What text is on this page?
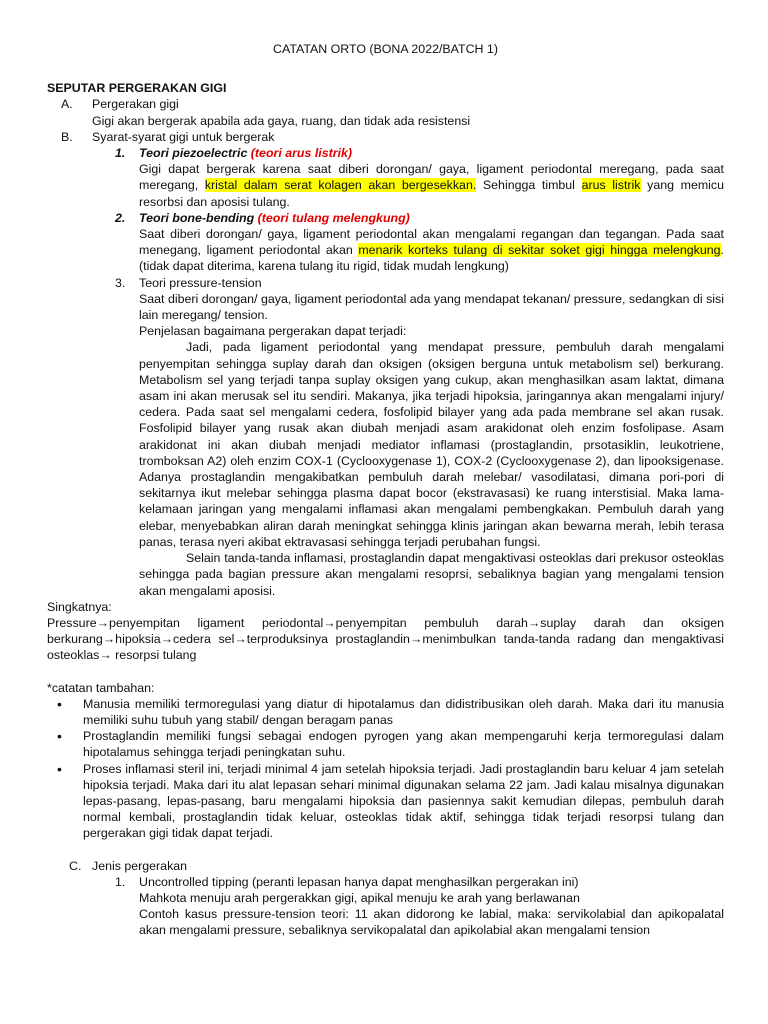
CATATAN ORTO (BONA 2022/BATCH 1)
SEPUTAR PERGERAKAN GIGI
A. Pergerakan gigi
Gigi akan bergerak apabila ada gaya, ruang, dan tidak ada resistensi
B. Syarat-syarat gigi untuk bergerak
1. Teori piezoelectric (teori arus listrik)
Gigi dapat bergerak karena saat diberi dorongan/ gaya, ligament periodontal meregang, pada saat meregang, kristal dalam serat kolagen akan bergesekkan. Sehingga timbul arus listrik yang memicu resorbsi dan aposisi tulang.
2. Teori bone-bending (teori tulang melengkung)
Saat diberi dorongan/ gaya, ligament periodontal akan mengalami regangan dan tegangan. Pada saat menegang, ligament periodontal akan menarik korteks tulang di sekitar soket gigi hingga melengkung. (tidak dapat diterima, karena tulang itu rigid, tidak mudah lengkung)
3. Teori pressure-tension
Saat diberi dorongan/ gaya, ligament periodontal ada yang mendapat tekanan/ pressure, sedangkan di sisi lain meregang/ tension.
Penjelasan bagaimana pergerakan dapat terjadi:
Jadi, pada ligament periodontal yang mendapat pressure, pembuluh darah mengalami penyempitan sehingga suplay darah dan oksigen (oksigen berguna untuk metabolism sel) berkurang. Metabolism sel yang terjadi tanpa suplay oksigen yang cukup, akan menghasilkan asam laktat, dimana asam ini akan merusak sel itu sendiri. Makanya, jika terjadi hipoksia, jaringannya akan mengalami injury/ cedera. Pada saat sel mengalami cedera, fosfolipid bilayer yang ada pada membrane sel akan rusak. Fosfolipid bilayer yang rusak akan diubah menjadi asam arakidonat oleh enzim fosfolipase. Asam arakidonat ini akan diubah menjadi mediator inflamasi (prostaglandin, prsotasiklin, leukotriene, tromboksan A2) oleh enzim COX-1 (Cyclooxygenase 1), COX-2 (Cyclooxygenase 2), dan lipooksigenase. Adanya prostaglandin mengakibatkan pembuluh darah melebar/ vasodilatasi, dimana pori-pori di sekitarnya ikut melebar sehingga plasma dapat bocor (ekstravasasi) ke ruang interstisial. Maka lama-kelamaan jaringan yang mengalami inflamasi akan mengalami pembengkakan. Pembuluh darah yang elebar, menyebabkan aliran darah meningkat sehingga klinis jaringan akan bewarna merah, lebih terasa panas, terasa nyeri akibat ektravasasi sehingga terjadi perubahan fungsi.
Selain tanda-tanda inflamasi, prostaglandin dapat mengaktivasi osteoklas dari prekusor osteoklas sehingga pada bagian pressure akan mengalami resoprsi, sebaliknya bagian yang mengalami tension akan mengalami aposisi.
Singkatnya:
Pressure→penyempitan ligament periodontal→penyempitan pembuluh darah→suplay darah dan oksigen berkurang→hipoksia→cedera sel→terproduksinya prostaglandin→menimbulkan tanda-tanda radang dan mengaktivasi osteoklas→ resorpsi tulang
*catatan tambahan:
• Manusia memiliki termoregulasi yang diatur di hipotalamus dan didistribusikan oleh darah. Maka dari itu manusia memiliki suhu tubuh yang stabil/ dengan beragam panas
• Prostaglandin memiliki fungsi sebagai endogen pyrogen yang akan mempengaruhi kerja termoregulasi dalam hipotalamus sehingga terjadi peningkatan suhu.
• Proses inflamasi steril ini, terjadi minimal 4 jam setelah hipoksia terjadi. Jadi prostaglandin baru keluar 4 jam setelah hipoksia terjadi. Maka dari itu alat lepasan sehari minimal digunakan selama 22 jam. Jadi kalau misalnya digunakan lepas-pasang, lepas-pasang, baru mengalami hipoksia dan pasiennya sakit kemudian dilepas, pembuluh darah normal kembali, prostaglandin tidak keluar, osteoklas tidak aktif, sehingga tidak terjadi resorpsi tulang dan pergerakan gigi tidak dapat terjadi.
C. Jenis pergerakan
1. Uncontrolled tipping (peranti lepasan hanya dapat menghasilkan pergerakan ini)
Mahkota menuju arah pergerakkan gigi, apikal menuju ke arah yang berlawanan
Contoh kasus pressure-tension teori: 11 akan didorong ke labial, maka: servikolabial dan apikopalatal akan mengalami pressure, sebaliknya servikopalatal dan apikolabial akan mengalami tension
